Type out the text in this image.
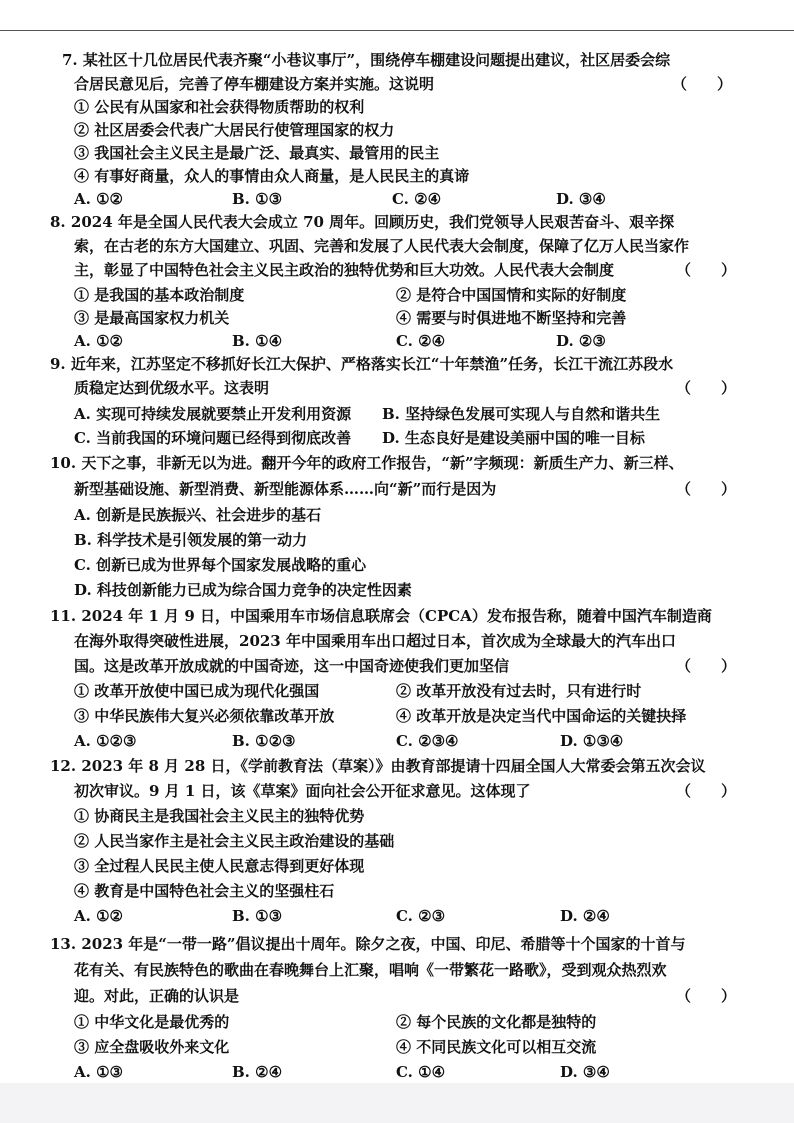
7. 某社区十几位居民代表齐聚“小巷议事厅”，围绕停车棚建设问题提出建议，社区居委会综
合居民意见后，完善了停车棚建设方案并实施。这说明	（　　）
① 公民有从国家和社会获得物质帮助的权利
② 社区居委会代表广大居民行使管理国家的权力
③ 我国社会主义民主是最广泛、最真实、最管用的民主
④ 有事好商量，众人的事情由众人商量，是人民民主的真谛
A. ①②	B. ①③	C. ②④	D. ③④
8. 2024 年是全国人民代表大会成立 70 周年。回顾历史，我们党领导人民艰苦奋斗、艰辛探
索，在古老的东方大国建立、巩固、完善和发展了人民代表大会制度，保障了亿万人民当家作
主，彰显了中国特色社会主义民主政治的独特优势和巨大功效。人民代表大会制度	（　　）
① 是我国的基本政治制度	② 是符合中国国情和实际的好制度
③ 是最高国家权力机关	④ 需要与时俱进地不断坚持和完善
A. ①②	B. ①④	C. ②④	D. ②③
9. 近年来，江苏坚定不移抓好长江大保护、严格落实长江“十年禁渔”任务，长江干流江苏段水
质稳定达到优级水平。这表明	（　　）
A. 实现可持续发展就要禁止开发利用资源 B. 坚持绿色发展可实现人与自然和谐共生
C. 当前我国的环境问题已经得到彻底改善 D. 生态良好是建设美丽中国的唯一目标
10. 天下之事，非新无以为进。翻开今年的政府工作报告，“新”字频现：新质生产力、新三样、
新型基础设施、新型消费、新型能源体系……向“新”而行是因为	（　　）
A. 创新是民族振兴、社会进步的基石
B. 科学技术是引领发展的第一动力
C. 创新已成为世界每个国家发展战略的重心
D. 科技创新能力已成为综合国力竞争的决定性因素
11. 2024 年 1 月 9 日，中国乘用车市场信息联席会（CPCA）发布报告称，随着中国汽车制造商
在海外取得突破性进展，2023 年中国乘用车出口超过日本，首次成为全球最大的汽车出口
国。这是改革开放成就的中国奇迹，这一中国奇迹使我们更加坚信	（　　）
① 改革开放使中国已成为现代化强国	② 改革开放没有过去时，只有进行时
③ 中华民族伟大复兴必须依靠改革开放	④ 改革开放是决定当代中国命运的关键抉择
A. ①②③	B. ①②③	C. ②③④	D. ①③④
12. 2023 年 8 月 28 日，《学前教育法（草案）》由教育部提请十四届全国人大常委会第五次会议
初次审议。9 月 1 日，该《草案》面向社会公开征求意见。这体现了	（　　）
① 协商民主是我国社会主义民主的独特优势
② 人民当家作主是社会主义民主政治建设的基础
③ 全过程人民民主使人民意志得到更好体现
④ 教育是中国特色社会主义的坚强柱石
A. ①②	B. ①③	C. ②③	D. ②④
13. 2023 年是“一带一路”倡议提出十周年。除夕之夜，中国、印尼、希腊等十个国家的十首与
花有关、有民族特色的歌曲在春晚舞台上汇聚，唱响《一带繁花一路歌》，受到观众热烈欢
迎。对此，正确的认识是	（　　）
① 中华文化是最优秀的	② 每个民族的文化都是独特的
③ 应全盘吸收外来文化	④ 不同民族文化可以相互交流
A. ①③	B. ②④	C. ①④	D. ③④
